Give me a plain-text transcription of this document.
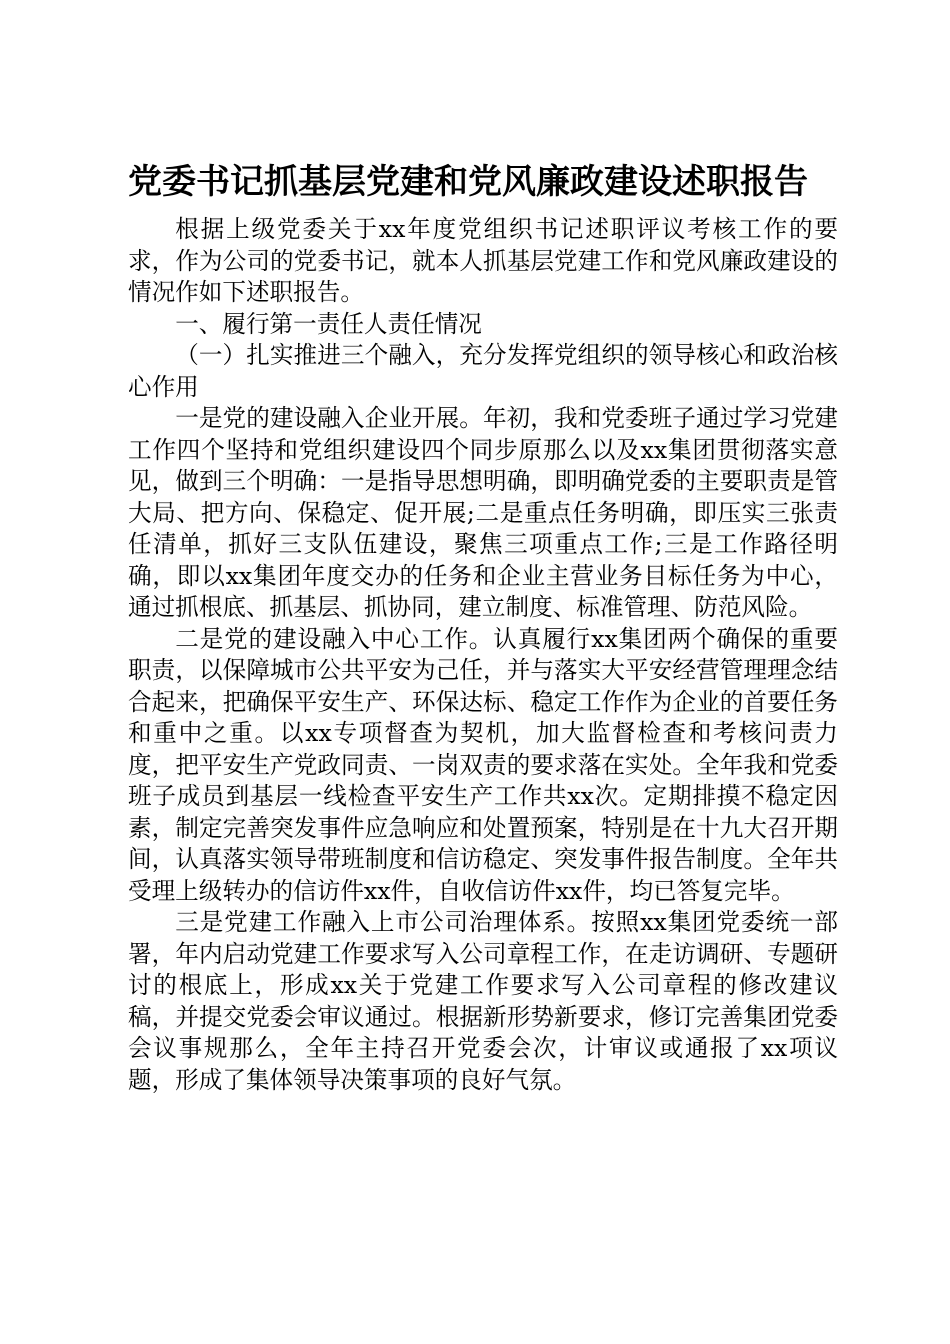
党委书记抓基层党建和党风廉政建设述职报告

根据上级党委关于xx年度党组织书记述职评议考核工作的要求，作为公司的党委书记，就本人抓基层党建工作和党风廉政建设的情况作如下述职报告。

一、履行第一责任人责任情况

（一）扎实推进三个融入，充分发挥党组织的领导核心和政治核心作用

一是党的建设融入企业开展。年初，我和党委班子通过学习党建工作四个坚持和党组织建设四个同步原那么以及xx集团贯彻落实意见，做到三个明确：一是指导思想明确，即明确党委的主要职责是管大局、把方向、保稳定、促开展;二是重点任务明确，即压实三张责任清单，抓好三支队伍建设，聚焦三项重点工作;三是工作路径明确，即以xx集团年度交办的任务和企业主营业务目标任务为中心，通过抓根底、抓基层、抓协同，建立制度、标准管理、防范风险。

二是党的建设融入中心工作。认真履行xx集团两个确保的重要职责，以保障城市公共平安为己任，并与落实大平安经营管理理念结合起来，把确保平安生产、环保达标、稳定工作作为企业的首要任务和重中之重。以xx专项督查为契机，加大监督检查和考核问责力度，把平安生产党政同责、一岗双责的要求落在实处。全年我和党委班子成员到基层一线检查平安生产工作共xx次。定期排摸不稳定因素，制定完善突发事件应急响应和处置预案，特别是在十九大召开期间，认真落实领导带班制度和信访稳定、突发事件报告制度。全年共受理上级转办的信访件xx件，自收信访件xx件，均已答复完毕。

三是党建工作融入上市公司治理体系。按照xx集团党委统一部署，年内启动党建工作要求写入公司章程工作，在走访调研、专题研讨的根底上，形成xx关于党建工作要求写入公司章程的修改建议稿，并提交党委会审议通过。根据新形势新要求，修订完善集团党委会议事规那么，全年主持召开党委会次，计审议或通报了xx项议题，形成了集体领导决策事项的良好气氛。
